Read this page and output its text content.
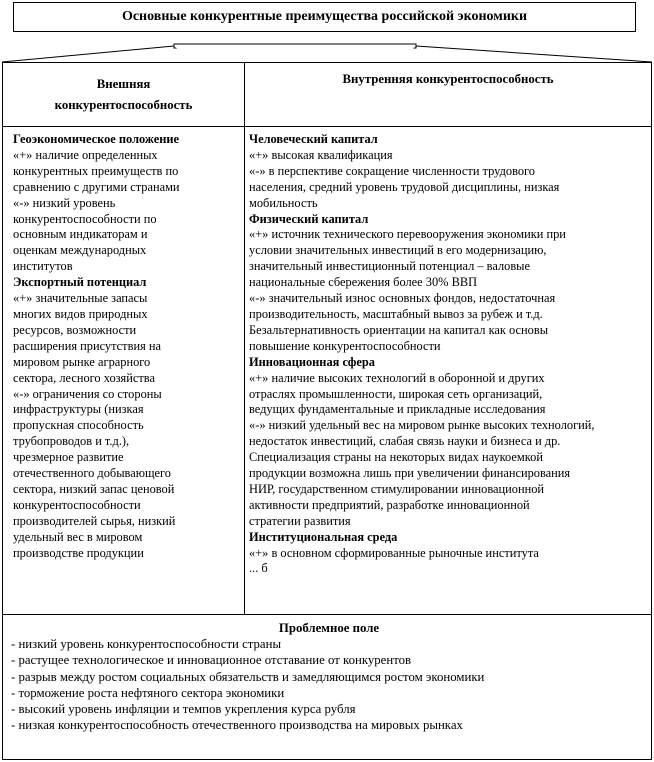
Основные конкурентные преимущества российской экономики
Внешняя
конкурентоспособность
Внутренняя конкурентоспособность
Геоэкономическое положение
«+» наличие определенных
конкурентных преимуществ по
сравнению с другими странами
«-» низкий уровень
конкурентоспособности по
основным индикаторам и
оценкам международных
институтов
Экспортный потенциал
«+» значительные запасы
многих видов природных
ресурсов, возможности
расширения присутствия на
мировом рынке аграрного
сектора, лесного хозяйства
«-» ограничения со стороны
инфраструктуры (низкая
пропускная способность
трубопроводов и т.д.),
чрезмерное развитие
отечественного добывающего
сектора, низкий запас ценовой
конкурентоспособности
производителей сырья, низкий
удельный вес в мировом
производстве продукции
Человеческий капитал
«+» высокая квалификация
«-» в перспективе сокращение численности трудового
населения, средний уровень трудовой дисциплины, низкая
мобильность
Физический капитал
«+» источник технического перевооружения экономики при
условии значительных инвестиций в его модернизацию,
значительный инвестиционный потенциал – валовые
национальные сбережения более 30% ВВП
«-» значительный износ основных фондов, недостаточная
производительность, масштабный вывоз за рубеж и т.д.
Безальтернативность ориентации на капитал как основы
повышение конкурентоспособности
Инновационная сфера
«+» наличие высоких технологий в оборонной и других
отраслях промышленности, широкая сеть организаций,
ведущих фундаментальные и прикладные исследования
«-» низкий удельный вес на мировом рынке высоких технологий,
недостаток инвестиций, слабая связь науки и бизнеса и др.
Специализация страны на некоторых видах наукоемкой
продукции возможна лишь при увеличении финансирования
НИР, государственном стимулировании инновационной
активности предприятий, разработке инновационной
стратегии развития
Институциональная среда
«+» в основном сформированные рыночные института
... б
Проблемное поле
- низкий уровень конкурентоспособности страны
- растущее технологическое и инновационное отставание от конкурентов
- разрыв между ростом социальных обязательств и замедляющимся ростом экономики
- торможение роста нефтяного сектора экономики
- высокий уровень инфляции и темпов укрепления курса рубля
- низкая конкурентоспособность отечественного производства на мировых рынках
